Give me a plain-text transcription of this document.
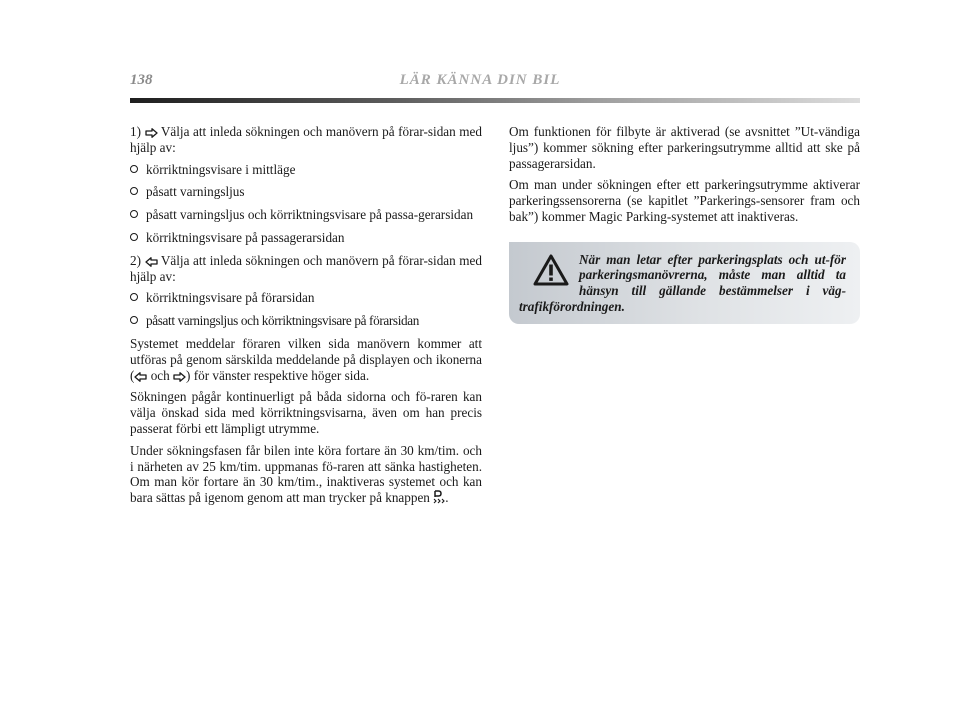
138	LÄR KÄNNA DIN BIL

1) Välja att inleda sökningen och manövern på förar-sidan med hjälp av:

körriktningsvisare i mittläge
påsatt varningsljus
påsatt varningsljus och körriktningsvisare på passa-gerarsidan
körriktningsvisare på passagerarsidan

2) Välja att inleda sökningen och manövern på förar-sidan med hjälp av:

körriktningsvisare på förarsidan
påsatt varningsljus och körriktningsvisare på förarsidan

Systemet meddelar föraren vilken sida manövern kommer att utföras på genom särskilda meddelande på displayen och ikonerna ( och ) för vänster respektive höger sida.

Sökningen pågår kontinuerligt på båda sidorna och fö-raren kan välja önskad sida med körriktningsvisarna, även om han precis passerat förbi ett lämpligt utrymme.

Under sökningsfasen får bilen inte köra fortare än 30 km/tim. och i närheten av 25 km/tim. uppmanas fö-raren att sänka hastigheten. Om man kör fortare än 30 km/tim., inaktiveras systemet och kan bara sättas på igenom genom att man trycker på knappen .

Om funktionen för filbyte är aktiverad (se avsnittet ”Ut-vändiga ljus”) kommer sökning efter parkeringsutrymme alltid att ske på passagerarsidan.

Om man under sökningen efter ett parkeringsutrymme aktiverar parkeringssensorerna (se kapitlet ”Parkerings-sensorer fram och bak”) kommer Magic Parking-systemet att inaktiveras.

När man letar efter parkeringsplats och ut-för parkeringsmanövrerna, måste man alltid ta hänsyn till gällande bestämmelser i väg-trafikförordningen.
